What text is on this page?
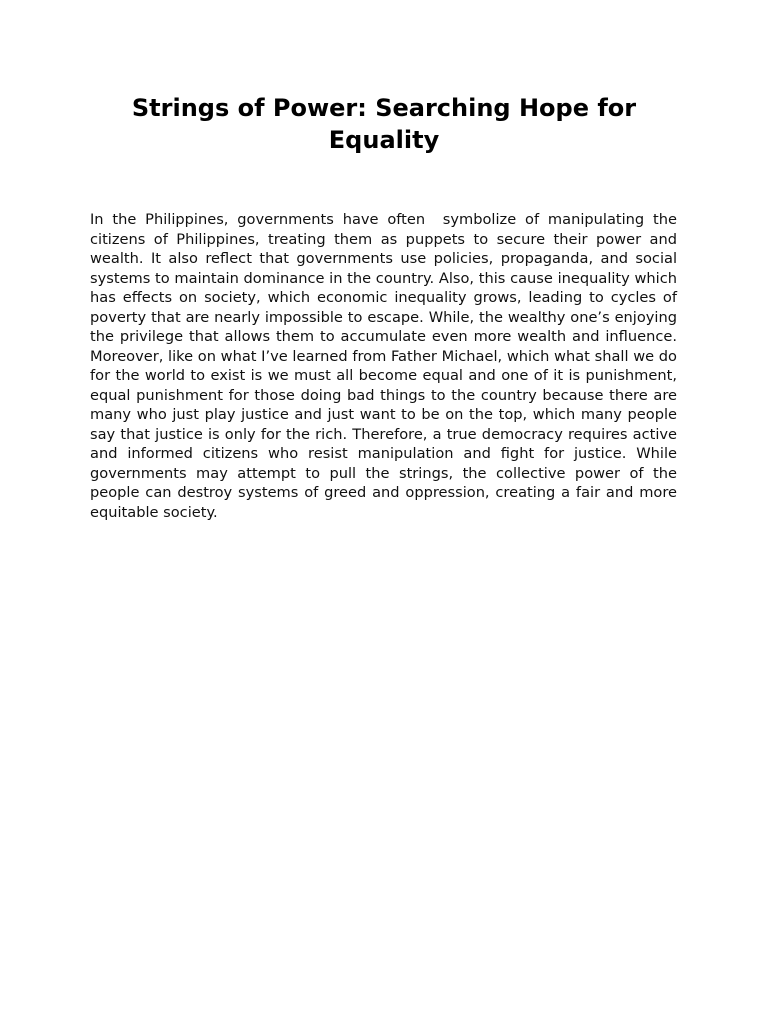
Strings of Power: Searching Hope for Equality

In the Philippines, governments have often  symbolize of manipulating the citizens of Philippines, treating them as puppets to secure their power and wealth. It also reflect that governments use policies, propaganda, and social systems to maintain dominance in the country. Also, this cause inequality which has effects on society, which economic inequality grows, leading to cycles of poverty that are nearly impossible to escape. While, the wealthy one’s enjoying the privilege that allows them to accumulate even more wealth and influence. Moreover, like on what I’ve learned from Father Michael, which what shall we do for the world to exist is we must all become equal and one of it is punishment, equal punishment for those doing bad things to the country because there are many who just play justice and just want to be on the top, which many people say that justice is only for the rich. Therefore, a true democracy requires active and informed citizens who resist manipulation and fight for justice. While governments may attempt to pull the strings, the collective power of the people can destroy systems of greed and oppression, creating a fair and more equitable society.
